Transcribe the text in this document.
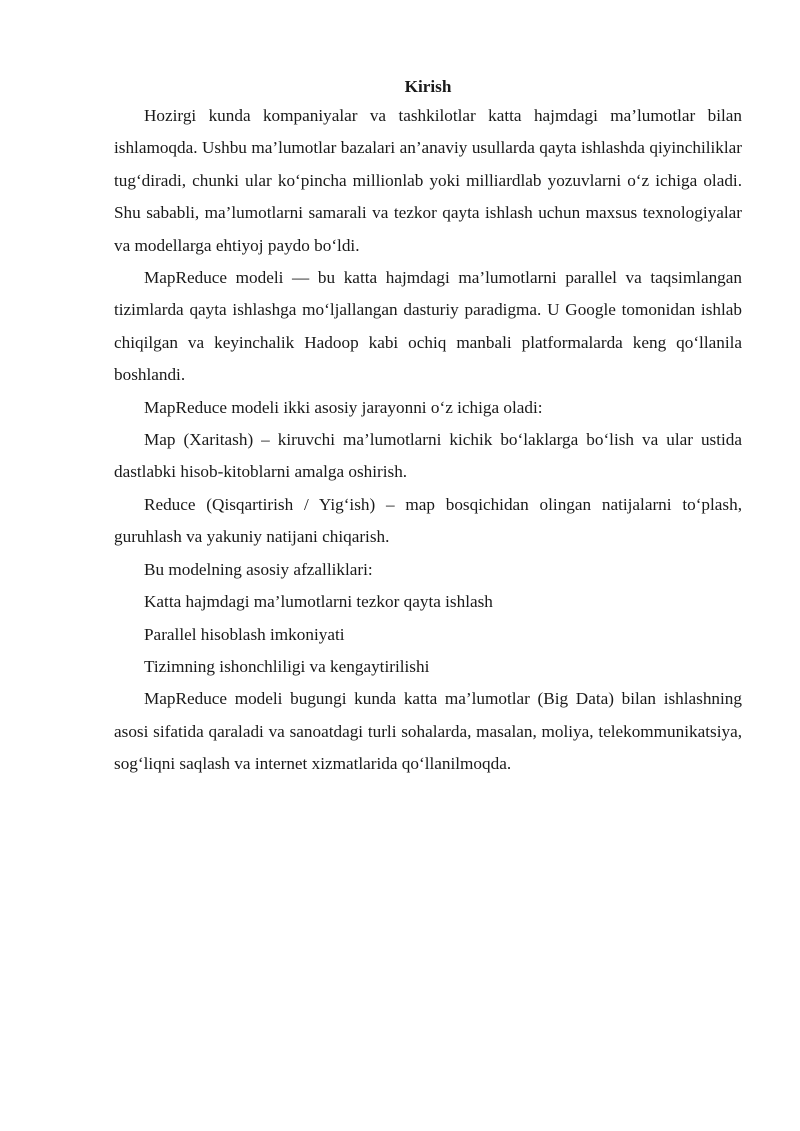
Kirish

Hozirgi kunda kompaniyalar va tashkilotlar katta hajmdagi ma’lumotlar bilan ishlamoqda. Ushbu ma’lumotlar bazalari an’anaviy usullarda qayta ishlashda qiyinchiliklar tug‘diradi, chunki ular ko‘pincha millionlab yoki milliardlab yozuvlarni o‘z ichiga oladi. Shu sababli, ma’lumotlarni samarali va tezkor qayta ishlash uchun maxsus texnologiyalar va modellarga ehtiyoj paydo bo‘ldi.

MapReduce modeli — bu katta hajmdagi ma’lumotlarni parallel va taqsimlangan tizimlarda qayta ishlashga mo‘ljallangan dasturiy paradigma. U Google tomonidan ishlab chiqilgan va keyinchalik Hadoop kabi ochiq manbali platformalarda keng qo‘llanila boshlandi.

MapReduce modeli ikki asosiy jarayonni o‘z ichiga oladi:

Map (Xaritash) – kiruvchi ma’lumotlarni kichik bo‘laklarga bo‘lish va ular ustida dastlabki hisob-kitoblarni amalga oshirish.

Reduce (Qisqartirish / Yig‘ish) – map bosqichidan olingan natijalarni to‘plash, guruhlash va yakuniy natijani chiqarish.

Bu modelning asosiy afzalliklari:

Katta hajmdagi ma’lumotlarni tezkor qayta ishlash

Parallel hisoblash imkoniyati

Tizimning ishonchliligi va kengaytirilishi

MapReduce modeli bugungi kunda katta ma’lumotlar (Big Data) bilan ishlashning asosi sifatida qaraladi va sanoatdagi turli sohalarda, masalan, moliya, telekommunikatsiya, sog‘liqni saqlash va internet xizmatlarida qo‘llanilmoqda.
